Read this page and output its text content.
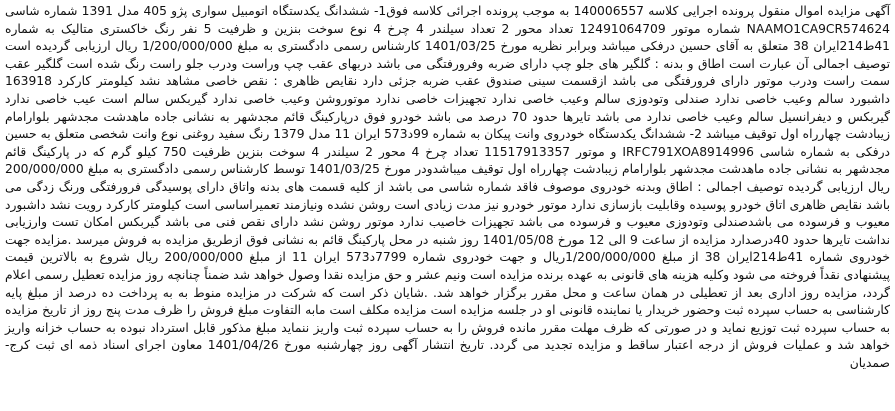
آگهی مزایده اموال منقول پرونده اجرایی کلاسه 140006557 به موجب پرونده اجرائی کلاسه فوق1- ششدانگ یکدستگاه اتومبیل سواری پژو 405 مدل 1391 شماره شاسی NAAMO1CA9CR574624 شماره موتور 12491064709 تعداد محور 2 تعداد سیلندر 4 چرخ 4 نوع سوخت بنزین و ظرفیت 5 نفر رنگ خاکستری متالیک به شماره 41ط214ایران 38 متعلق به آقای حسین درفکی میباشد وبرابر نظریه مورخ 1401/03/25 کارشناس رسمی دادگستری به مبلغ 1/200/000/000 ریال ارزیابی گردیده است توصیف اجمالی آن عبارت است اطاق و بدنه : گلگیر های جلو چپ دارای ضربه وفرورفتگی می باشد دربهای عقب چپ وراست ودرب جلو راست رنگ شده است گلگیر عقب سمت راست ودرب موتور دارای فرورفتگی می باشد ازقسمت سینی صندوق عقب ضربه جزئی دارد نقایص ظاهری : نقص خاصی مشاهد نشد کیلومتر کارکرد 163918 داشبورد سالم وعیب خاصی ندارد صندلی وتودوزی سالم وعیب خاصی ندارد تجهیزات خاصی ندارد موتوروشن وعیب خاصی ندارد گیربکس سالم است عیب خاصی ندارد گیربکس و دیفرانسیل سالم وعیب خاصی ندارد می باشد تایرها حدود 70 درصد می باشد خودرو فوق درپارکینگ قائم مجدشهر به نشانی جاده ماهدشت مجدشهر بلوارامام زیبادشت چهارراه اول توقیف میباشد 2- ششدانگ یکدستگاه خودروی وانت پیکان به شماره 99د573 ایران 11 مدل 1379 رنگ سفید روغنی نوع وانت شخصی متعلق به حسین درفکی به شماره شاسی IRFC791XOA8914996 و موتور 11517913357 تعداد چرخ 4 محور 2 سیلندر 4 سوخت بنزین ظرفیت 750 کیلو گرم که در پارکینگ قائم مجدشهر به نشانی جاده ماهدشت مجدشهر بلوارامام زیبادشت چهارراه اول توقیف میباشدودر مورخ 1401/03/25 توسط کارشناس رسمی دادگستری به مبلغ 200/000/000 ریال ارزیابی گردیده توصیف اجمالی : اطاق وبدنه خودروی موصوف فاقد شماره شاسی می باشد از کلیه قسمت های بدنه واتاق دارای پوسیدگی فرورفتگی ورنگ زدگی می باشد نقایص ظاهری اتاق خودرو پوسیده وقابلیت بازسازی ندارد موتور خودرو نیز مدت زیادی است روشن نشده ونیازمند تعمیراساسی است کیلومتر کارکرد رویت نشد داشبورد معیوب و فرسوده می باشدصندلی وتودوزی معیوب و فرسوده می باشد تجهیزات خاصیب ندارد موتور روشن نشد دارای نقص فنی می باشد گیربکس امکان تست وارزیابی نداشت تایرها حدود 40درصدارد مزایده از ساعت 9 الی 12 مورخ 1401/05/08 روز شنبه در محل پارکینگ قائم به نشانی فوق ازطریق مزایده به فروش میرسد .مزایده جهت خودروی شماره 41ط214ایران 38 از مبلغ 1/200/000/000ریال و جهت خودروی شماره 7799د573 ایران 11 از مبلغ 200/000/000 ریال شروع به بالاترین قیمت پیشنهادی نقداً فروخته می شود وکلیه هزینه های قانونی به عهده برنده مزایده است ونیم عشر و حق مزایده نقدا وصول خواهد شد ضمناً چنانچه روز مزایده تعطیل رسمی اعلام گردد، مزایده روز اداری بعد از تعطیلی در همان ساعت و محل مقرر برگزار خواهد شد. .شایان ذکر است که شرکت در مزایده منوط به به پرداخت ده درصد از مبلغ پایه کارشناسی به حساب سپرده ثبت وحضور خریدار یا نماینده قانونی او در جلسه مزایده است مزایده مکلف است مابه التفاوت مبلغ فروش را ظرف مدت پنج روز از تاریخ مزایده به حساب سپرده ثبت توزیع نماید و در صورتی که ظرف مهلت مقرر مانده فروش را به حساب سپرده ثبت واریز ننماید مبلغ مذکور قابل استرداد نبوده به حساب خزانه واریز خواهد شد و عملیات فروش از درجه اعتبار ساقط و مزایده تجدید می گردد. تاریخ انتشار آگهی روز چهارشنبه مورخ 1401/04/26 معاون اجرای اسناد ذمه ای ثبت کرج- صمدیان
